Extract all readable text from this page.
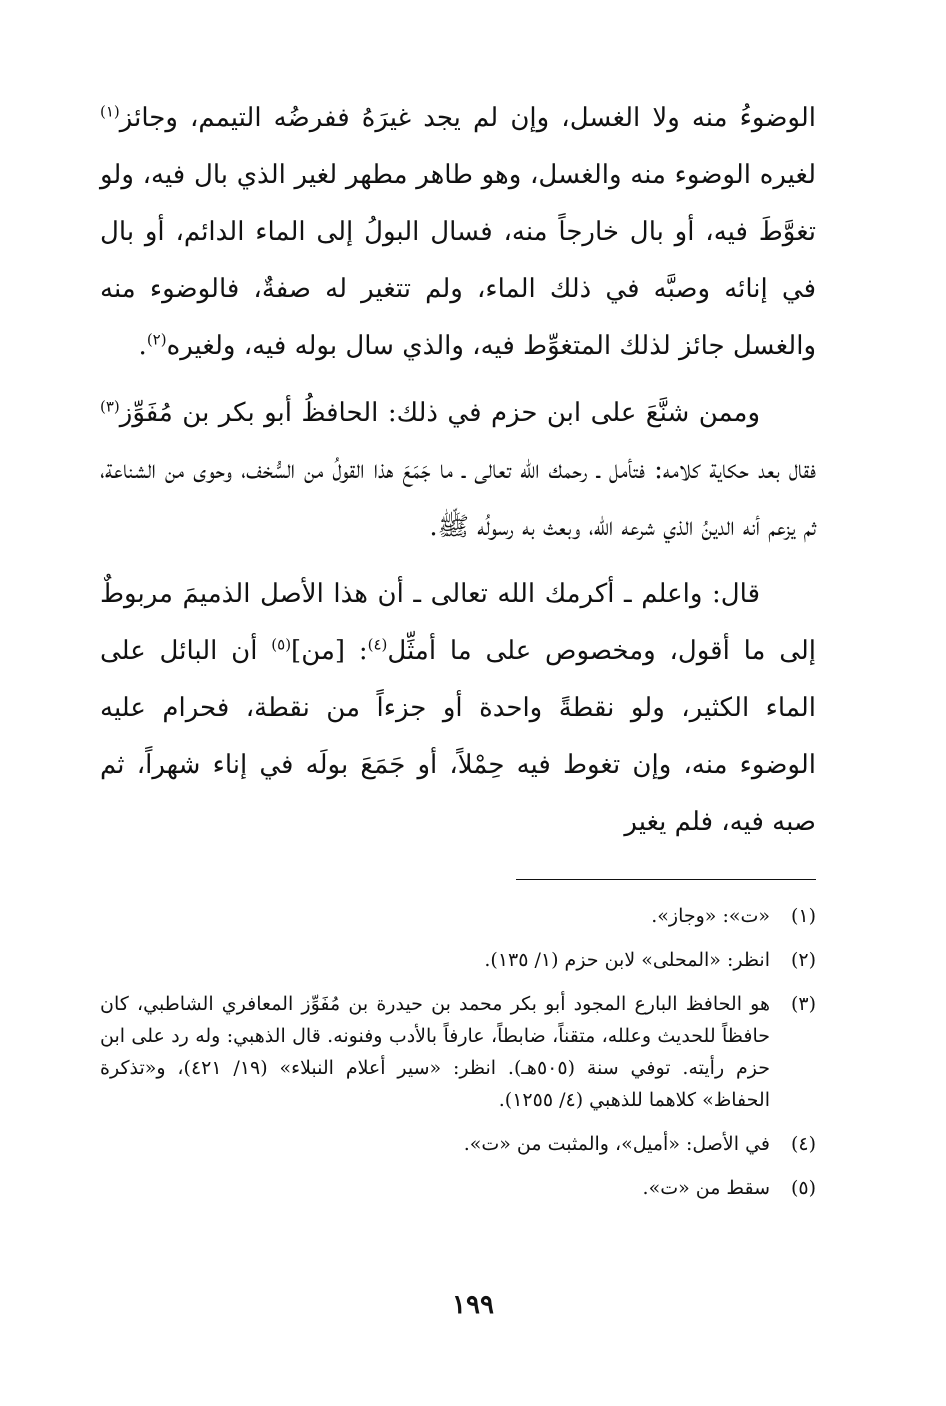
الوضوءُ منه ولا الغسل، وإن لم يجد غيرَهُ ففرضُه التيمم، وجائز$^{(١)}$ لغيره الوضوء منه والغسل، وهو طاهر مطهر لغير الذي بال فيه، ولو تغوَّطَ فيه، أو بال خارجاً منه، فسال البولُ إلى الماء الدائم، أو بال في إنائه وصبَّه في ذلك الماء، ولم تتغير له صفةٌ، فالوضوء منه والغسل جائز لذلك المتغوِّط فيه، والذي سال بوله فيه، ولغيره$^{(٢)}$.

وممن شنَّعَ على ابن حزم في ذلك: الحافظُ أبو بكر بن مُفَوِّز$^{(٣)}$ فقال بعد حكاية كلامه: فتأمل ـ رحمك الله تعالى ـ ما جَمَعَ هذا القولُ من السُّخف، وحوى من الشناعة، ثم يزعم أنه الدينُ الذي شرعه الله، وبعث به رسولُه ﷺ.

قال: واعلم ـ أكرمك الله تعالى ـ أن هذا الأصل الذميمَ مربوطٌ إلى ما أقول، ومخصوص على ما أمثِّل$^{(٤)}$: [من]$^{(٥)}$ أن البائل على الماء الكثير، ولو نقطةً واحدة أو جزءاً من نقطة، فحرام عليه الوضوء منه، وإن تغوط فيه حِمْلاً، أو جَمَعَ بولَه في إناء شهراً، ثم صبه فيه، فلم يغير

(١)
«ت»: «وجاز».
(٢)
انظر: «المحلى» لابن حزم (١/ ١٣٥).
(٣)
هو الحافظ البارع المجود أبو بكر محمد بن حيدرة بن مُفَوِّز المعافري الشاطبي، كان حافظاً للحديث وعلله، متقناً، ضابطاً، عارفاً بالأدب وفنونه. قال الذهبي: وله رد على ابن حزم رأيته. توفي سنة (٥٠٥هـ). انظر: «سير أعلام النبلاء» (١٩/ ٤٢١)، و«تذكرة الحفاظ» كلاهما للذهبي (٤/ ١٢٥٥).
(٤)
في الأصل: «أميل»، والمثبت من «ت».
(٥)
سقط من «ت».
١٩٩
